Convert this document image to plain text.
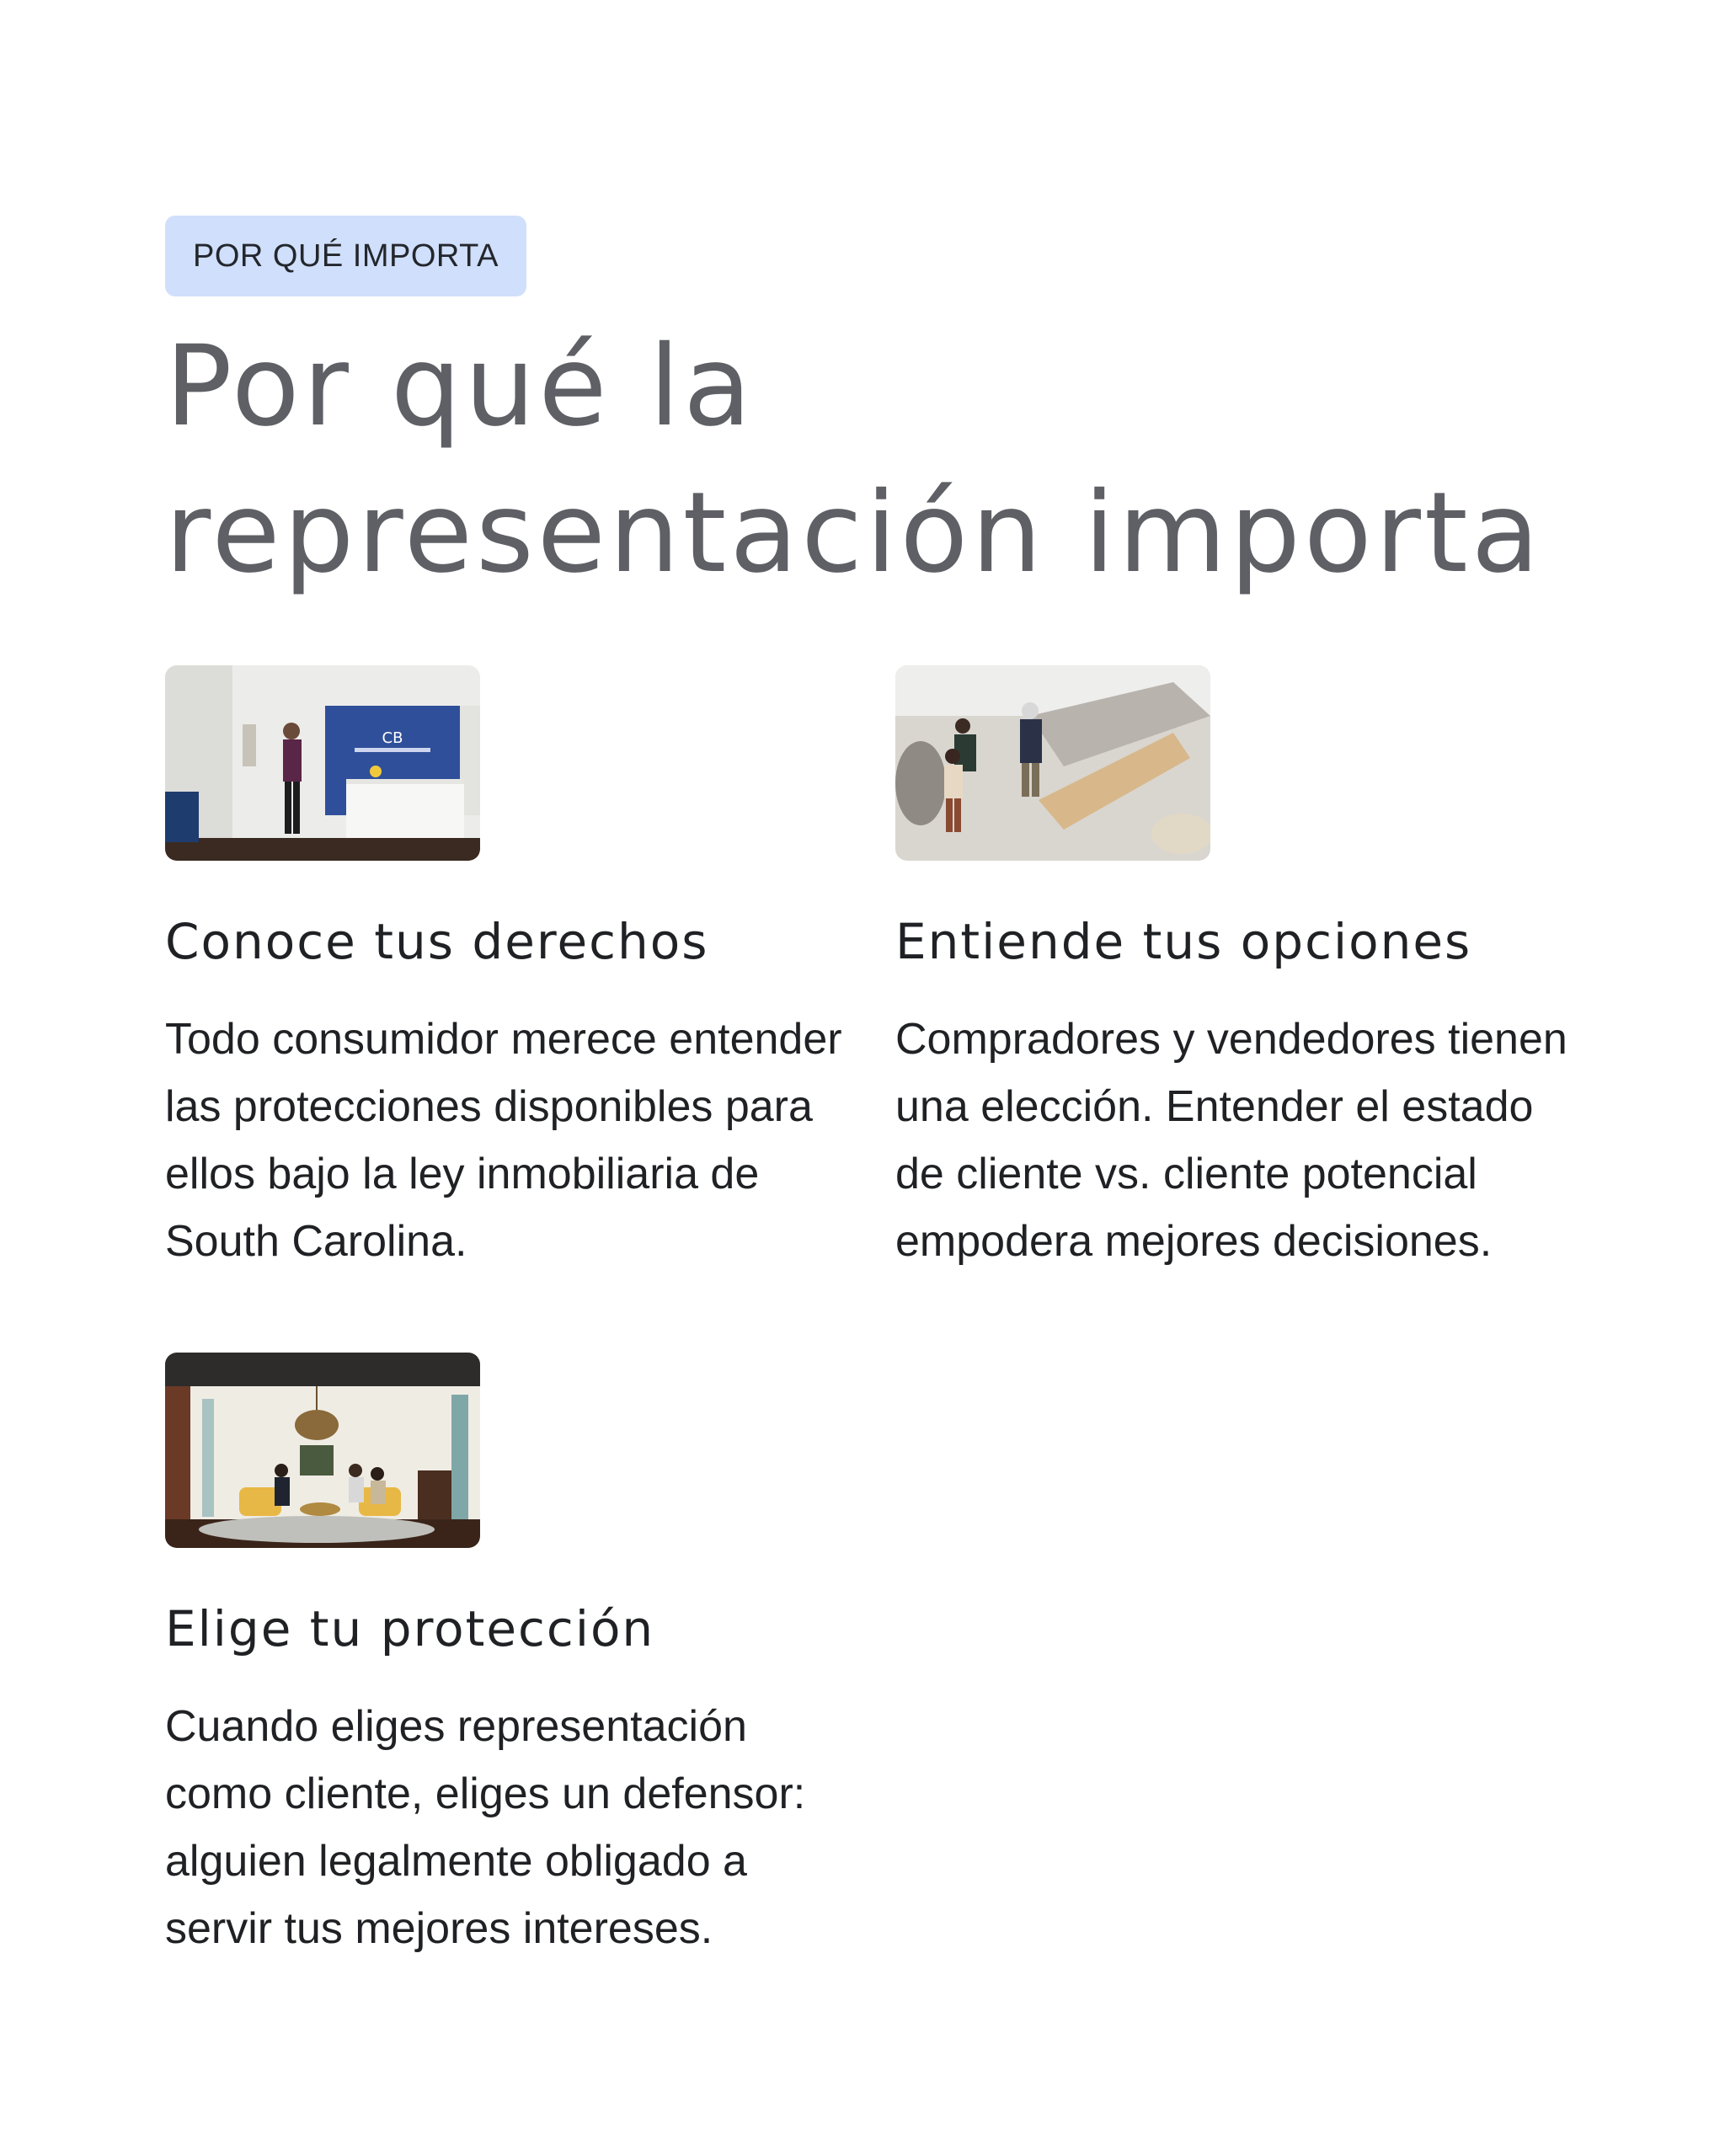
POR QUÉ IMPORTA
Por qué la representación importa
CB
Conoce tus derechos

Todo consumidor merece entender las protecciones disponibles para ellos bajo la ley inmobiliaria de South Carolina.

Entiende tus opciones

Compradores y vendedores tienen una elección. Entender el estado de cliente vs. cliente potencial empodera mejores decisiones.

Elige tu protección

Cuando eliges representación como cliente, eliges un defensor: alguien legalmente obligado a servir tus mejores intereses.
